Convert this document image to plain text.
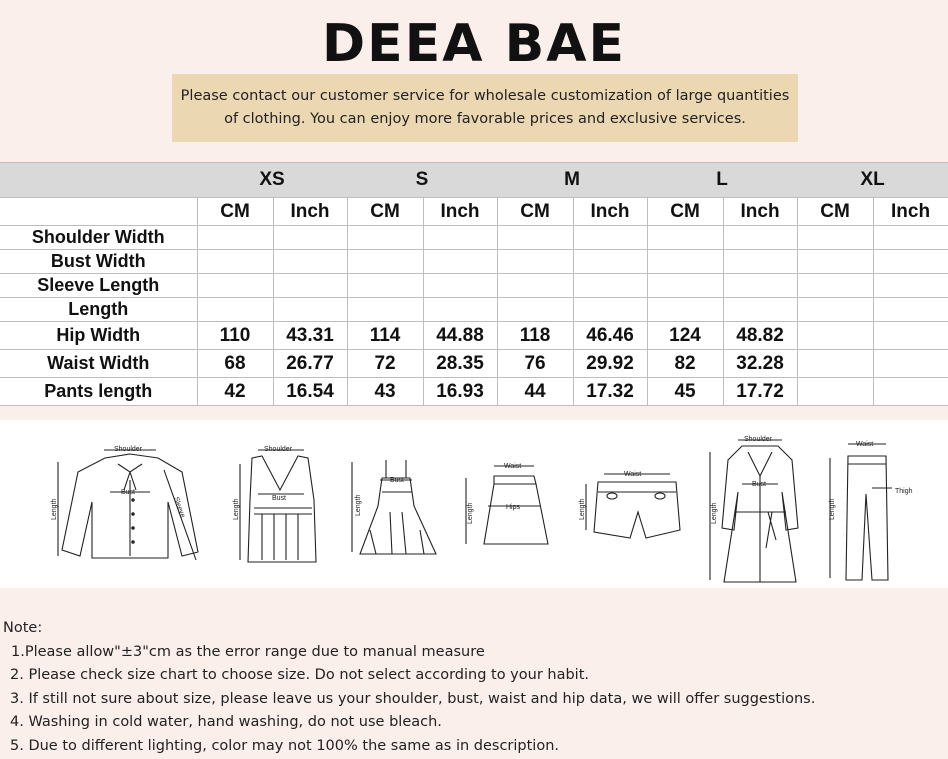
DEEA BAE
Please contact our customer service for wholesale customization of large quantities
of clothing. You can enjoy more favorable prices and exclusive services.
	XS		S		M		L		XL	
	CM	Inch	CM	Inch	CM	Inch	CM	Inch	CM	Inch
Shoulder Width										
Bust Width										
Sleeve Length										
Length										
Hip Width	110	43.31	114	44.88	118	46.46	124	48.82		
Waist Width	68	26.77	72	28.35	76	29.92	82	32.28		
Pants length	42	16.54	43	16.93	44	17.32	45	17.72		
Shoulder
Bust
Length	Sleeve
Shoulder
Bust
Length
Bust
Length
Waist
Hips
Length
Waist
Length
Shoulder
Bust
Length
Waist
Thigh
Length
Note:
1.Please allow"±3"cm as the error range due to manual measure
2. Please check size chart to choose size. Do not select according to your habit.
3. If still not sure about size, please leave us your shoulder, bust, waist and hip data, we will offer suggestions.
4. Washing in cold water, hand washing, do not use bleach.
5. Due to different lighting, color may not 100% the same as in description.
